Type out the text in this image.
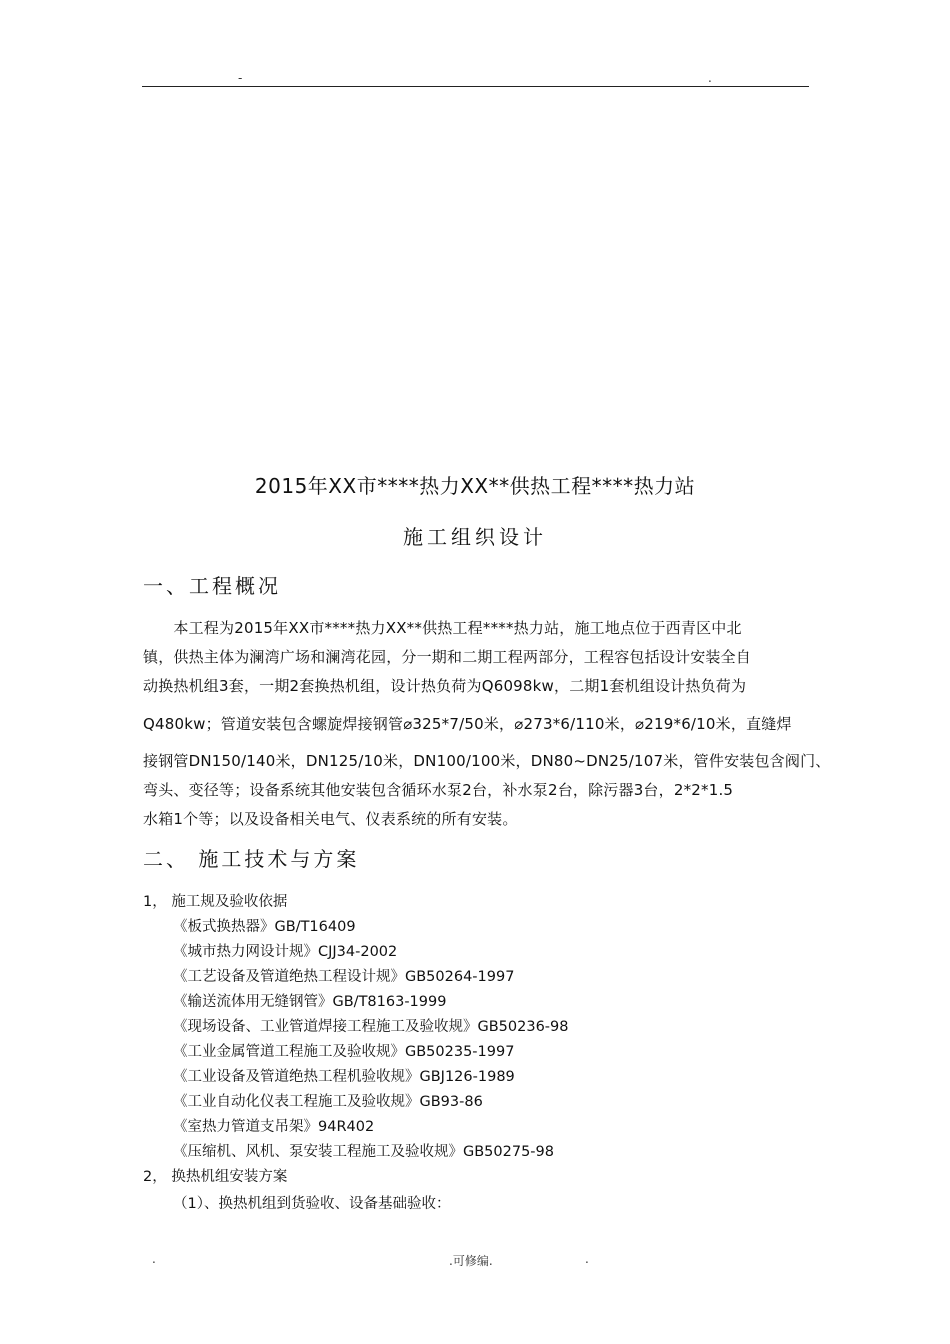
-	.
2015年XX市****热力XX**供热工程****热力站
施工组织设计
一、工程概况
　　本工程为2015年XX市****热力XX**供热工程****热力站，施工地点位于西青区中北
镇，供热主体为澜湾广场和澜湾花园，分一期和二期工程两部分，工程容包括设计安装全自
动换热机组3套，一期2套换热机组，设计热负荷为Q6098kw，二期1套机组设计热负荷为
Q480kw；管道安装包含螺旋焊接钢管⌀325*7/50米，⌀273*6/110米，⌀219*6/10米，直缝焊
接钢管DN150/140米，DN125/10米，DN100/100米，DN80~DN25/107米，管件安装包含阀门、
弯头、变径等；设备系统其他安装包含循环水泵2台，补水泵2台，除污器3台，2*2*1.5
水箱1个等；以及设备相关电气、仪表系统的所有安装。
二、 施工技术与方案
1， 施工规及验收依据
《板式换热器》GB/T16409
《城市热力网设计规》CJJ34-2002
《工艺设备及管道绝热工程设计规》GB50264-1997
《输送流体用无缝钢管》GB/T8163-1999
《现场设备、工业管道焊接工程施工及验收规》GB50236-98
《工业金属管道工程施工及验收规》GB50235-1997
《工业设备及管道绝热工程机验收规》GBJ126-1989
《工业自动化仪表工程施工及验收规》GB93-86
《室热力管道支吊架》94R402
《压缩机、风机、泵安装工程施工及验收规》GB50275-98
2， 换热机组安装方案
（1）、换热机组到货验收、设备基础验收：
.	.可修编.	.
